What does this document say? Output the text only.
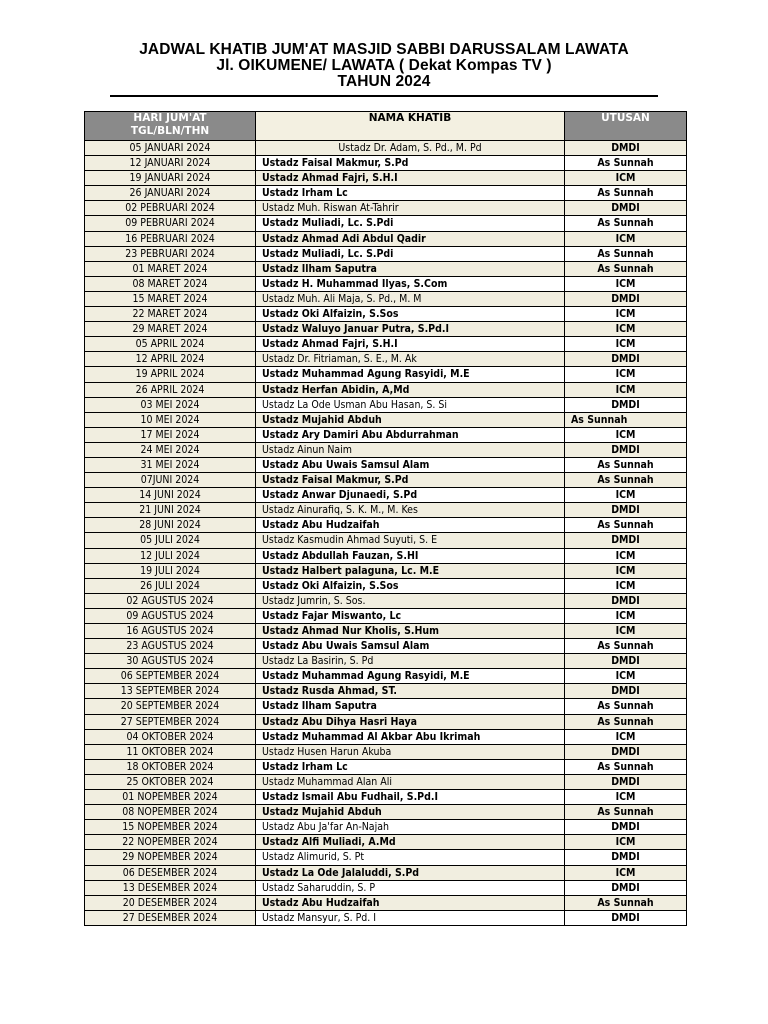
JADWAL KHATIB JUM'AT MASJID SABBI DARUSSALAM LAWATA
Jl. OIKUMENE/ LAWATA ( Dekat Kompas TV )
TAHUN 2024
HARI JUM'AT
TGL/BLN/THN	NAMA KHATIB	UTUSAN
05 JANUARI 2024	Ustadz Dr. Adam, S. Pd., M. Pd	DMDI
12 JANUARI 2024	Ustadz Faisal Makmur, S.Pd	As Sunnah
19 JANUARI 2024	Ustadz Ahmad Fajri, S.H.I	ICM
26 JANUARI 2024	Ustadz Irham Lc	As Sunnah
02 PEBRUARI 2024	Ustadz Muh. Riswan At-Tahrir	DMDI
09 PEBRUARI 2024	Ustadz Muliadi, Lc. S.Pdi	As Sunnah
16 PEBRUARI 2024	Ustadz Ahmad Adi Abdul Qadir	ICM
23 PEBRUARI 2024	Ustadz Muliadi, Lc. S.Pdi	As Sunnah
01 MARET 2024	Ustadz Ilham Saputra	As Sunnah
08 MARET 2024	Ustadz H. Muhammad Ilyas, S.Com	ICM
15 MARET 2024	Ustadz Muh. Ali Maja, S. Pd., M. M	DMDI
22 MARET 2024	Ustadz Oki Alfaizin, S.Sos	ICM
29 MARET 2024	Ustadz Waluyo Januar Putra, S.Pd.I	ICM
05 APRIL 2024	Ustadz Ahmad Fajri, S.H.I	ICM
12 APRIL 2024	Ustadz Dr. Fitriaman, S. E., M. Ak	DMDI
19 APRIL 2024	Ustadz Muhammad Agung Rasyidi, M.E	ICM
26 APRIL 2024	Ustadz Herfan Abidin, A,Md	ICM
03 MEI 2024	Ustadz La Ode Usman Abu Hasan, S. Si	DMDI
10 MEI 2024	Ustadz Mujahid Abduh	As Sunnah
17 MEI 2024	Ustadz Ary Damiri Abu Abdurrahman	ICM
24 MEI 2024	Ustadz Ainun Naim	DMDI
31 MEI 2024	Ustadz Abu Uwais Samsul Alam	As Sunnah
07JUNI 2024	Ustadz Faisal Makmur, S.Pd	As Sunnah
14 JUNI 2024	Ustadz Anwar Djunaedi, S.Pd	ICM
21 JUNI 2024	Ustadz Ainurafiq, S. K. M., M. Kes	DMDI
28 JUNI 2024	Ustadz Abu Hudzaifah	As Sunnah
05 JULI 2024	Ustadz Kasmudin Ahmad Suyuti, S. E	DMDI
12 JULI 2024	Ustadz Abdullah Fauzan, S.HI	ICM
19 JULI 2024	Ustadz Halbert palaguna, Lc. M.E	ICM
26 JULI 2024	Ustadz Oki Alfaizin, S.Sos	ICM
02 AGUSTUS 2024	Ustadz Jumrin, S. Sos.	DMDI
09 AGUSTUS 2024	Ustadz Fajar Miswanto, Lc	ICM
16 AGUSTUS 2024	Ustadz Ahmad Nur Kholis, S.Hum	ICM
23 AGUSTUS 2024	Ustadz Abu Uwais Samsul Alam	As Sunnah
30 AGUSTUS 2024	Ustadz La Basirin, S. Pd	DMDI
06 SEPTEMBER 2024	Ustadz Muhammad Agung Rasyidi, M.E	ICM
13 SEPTEMBER 2024	Ustadz Rusda Ahmad, ST.	DMDI
20 SEPTEMBER 2024	Ustadz Ilham Saputra	As Sunnah
27 SEPTEMBER 2024	Ustadz Abu Dihya Hasri Haya	As Sunnah
04 OKTOBER 2024	Ustadz Muhammad Al Akbar Abu Ikrimah	ICM
11 OKTOBER 2024	Ustadz Husen Harun Akuba	DMDI
18 OKTOBER 2024	Ustadz Irham Lc	As Sunnah
25 OKTOBER 2024	Ustadz Muhammad Alan Ali	DMDI
01 NOPEMBER 2024	Ustadz Ismail Abu Fudhail, S.Pd.I	ICM
08 NOPEMBER 2024	Ustadz Mujahid Abduh	As Sunnah
15 NOPEMBER 2024	Ustadz Abu Ja'far An-Najah	DMDI
22 NOPEMBER 2024	Ustadz Alfi Muliadi, A.Md	ICM
29 NOPEMBER 2024	Ustadz Alimurid, S. Pt	DMDI
06 DESEMBER 2024	Ustadz La Ode Jalaluddi, S.Pd	ICM
13 DESEMBER 2024	Ustadz Saharuddin, S. P	DMDI
20 DESEMBER 2024	Ustadz Abu Hudzaifah	As Sunnah
27 DESEMBER 2024	Ustadz Mansyur, S. Pd. I	DMDI
